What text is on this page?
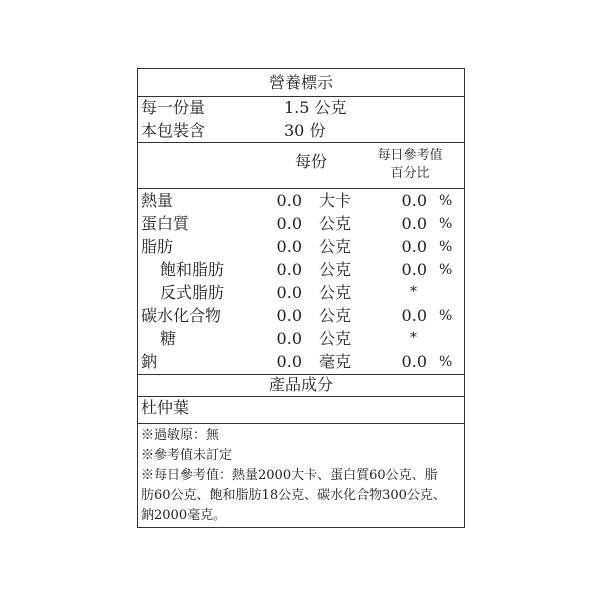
營養標示
每一份量	1.5 公克
本包裝含	30 份
每份	每日參考值
百分比
熱量	0.0 大卡	0.0 %
蛋白質	0.0 公克	0.0 %
脂肪	0.0 公克	0.0 %
飽和脂肪	0.0 公克	0.0 %
反式脂肪	0.0 公克	*
碳水化合物	0.0 公克	0.0 %
糖	0.0 公克	*
鈉	0.0 毫克	0.0 %
產品成分
杜仲葉
※過敏原：無
※參考值未訂定
※每日參考值：熱量2000大卡、蛋白質60公克、脂
肪60公克、飽和脂肪18公克、碳水化合物300公克、
鈉2000毫克。
